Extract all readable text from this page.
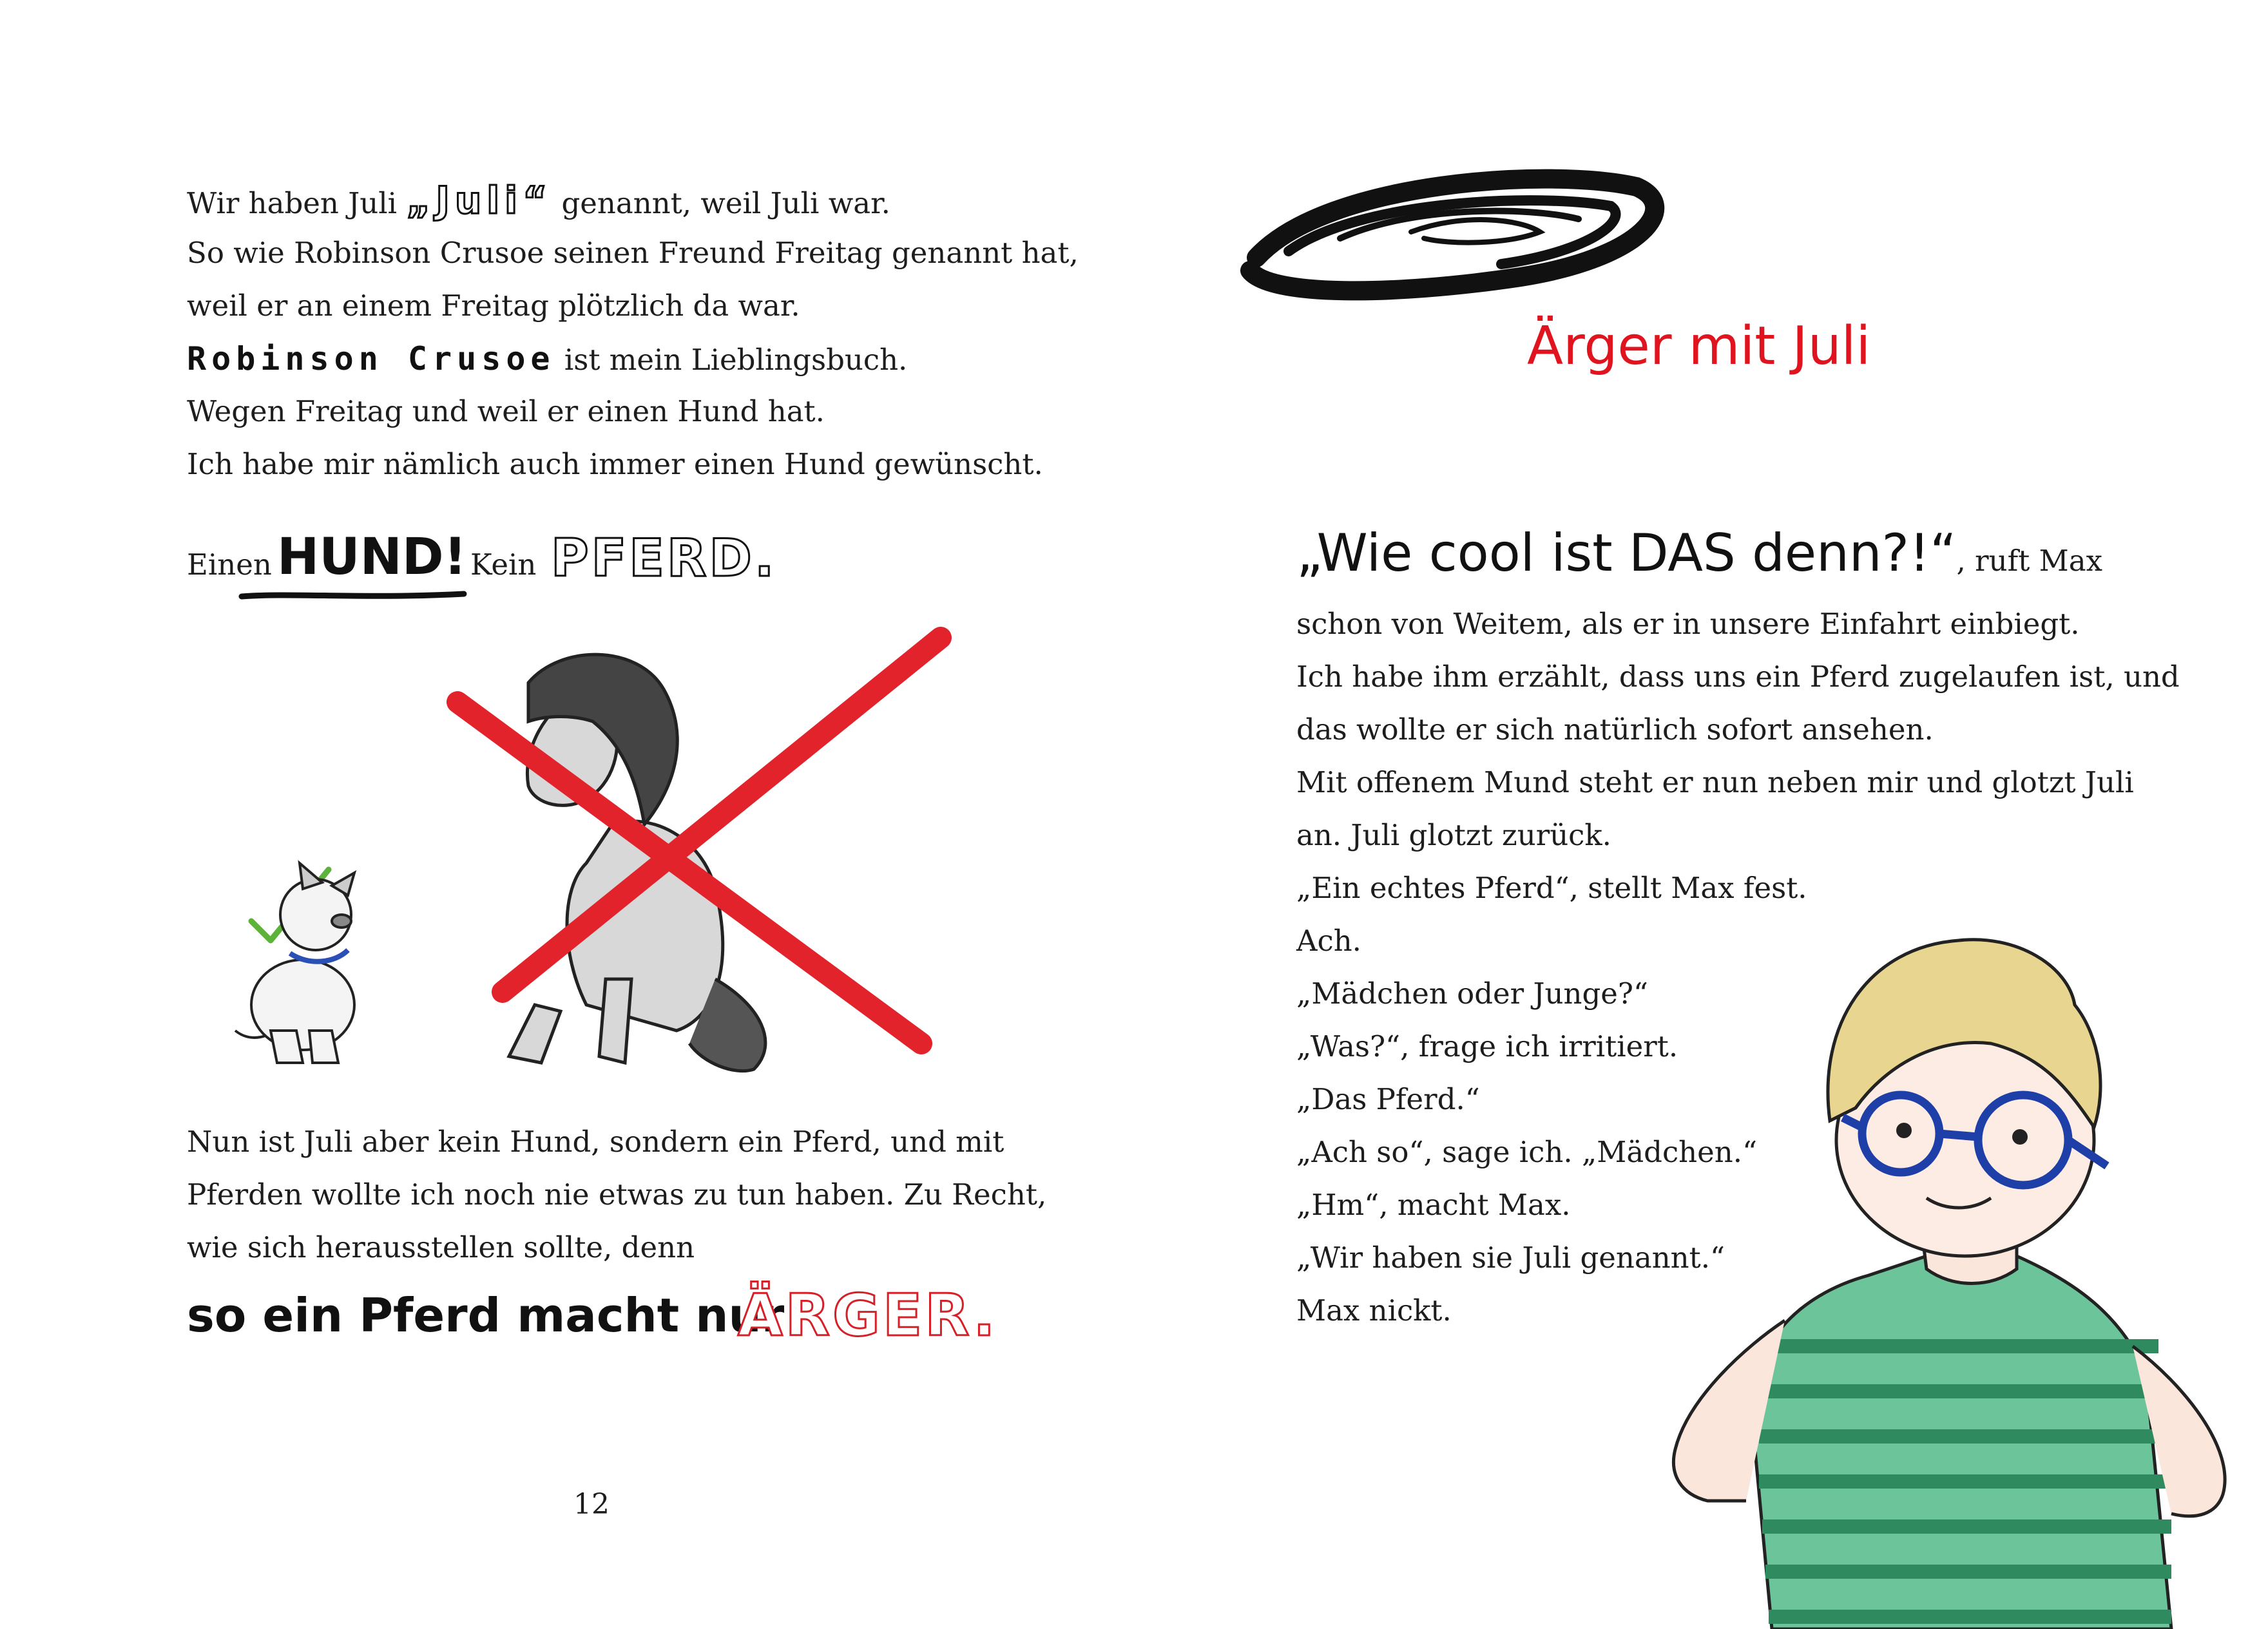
Wir haben Juli „Juli“ genannt, weil Juli war.

So wie Robinson Crusoe seinen Freund Freitag genannt hat,

weil er an einem Freitag plötzlich da war.

Robinson Crusoe ist mein Lieblingsbuch.

Wegen Freitag und weil er einen Hund hat.

Ich habe mir nämlich auch immer einen Hund gewünscht.

Einen HUND! Kein PFERD.

Nun ist Juli aber kein Hund, sondern ein Pferd, und mit

Pferden wollte ich noch nie etwas zu tun haben. Zu Recht,

wie sich herausstellen sollte, denn

so ein Pferd macht nur
ÄRGER.
12
Ärger mit Juli

„Wie cool ist DAS denn?!“, ruft Max

schon von Weitem, als er in unsere Einfahrt einbiegt.

Ich habe ihm erzählt, dass uns ein Pferd zugelaufen ist, und

das wollte er sich natürlich sofort ansehen.

Mit offenem Mund steht er nun neben mir und glotzt Juli

an. Juli glotzt zurück.

„Ein echtes Pferd“, stellt Max fest.

Ach.

„Mädchen oder Junge?“

„Was?“, frage ich irritiert.

„Das Pferd.“

„Ach so“, sage ich. „Mädchen.“

„Hm“, macht Max.

„Wir haben sie Juli genannt.“

Max nickt.
